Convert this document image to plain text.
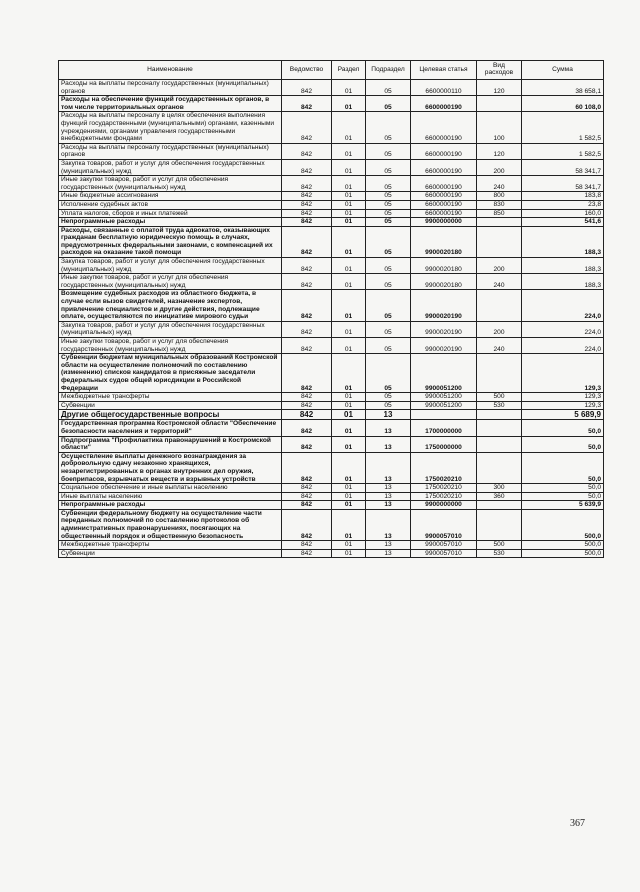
Наименование	Ведомство	Раздел	Подраздел	Целевая статья	Вид расходов	Сумма
Расходы на выплаты персоналу государственных (муниципальных) органов	842	01	05	6600000110	120	38 658,1
Расходы на обеспечение функций государственных органов, в том числе территориальных органов	842	01	05	6600000190		60 108,0
Расходы на выплаты персоналу в целях обеспечения выполнения функций государственными (муниципальными) органами, казенными учреждениями, органами управления государственными внебюджетными фондами	842	01	05	6600000190	100	1 582,5
Расходы на выплаты персоналу государственных (муниципальных) органов	842	01	05	6600000190	120	1 582,5
Закупка товаров, работ и услуг для обеспечения государственных (муниципальных) нужд	842	01	05	6600000190	200	58 341,7
Иные закупки товаров, работ и услуг для обеспечения государственных (муниципальных) нужд	842	01	05	6600000190	240	58 341,7
Иные бюджетные ассигнования	842	01	05	6600000190	800	183,8
Исполнение судебных актов	842	01	05	6600000190	830	23,8
Уплата налогов, сборов и иных платежей	842	01	05	6600000190	850	160,0
Непрограммные расходы	842	01	05	9900000000		541,6
Расходы, связанные с оплатой труда адвокатов, оказывающих гражданам бесплатную юридическую помощь в случаях, предусмотренных федеральными законами, с компенсацией их расходов на оказание такой помощи	842	01	05	9900020180		188,3
Закупка товаров, работ и услуг для обеспечения государственных (муниципальных) нужд	842	01	05	9900020180	200	188,3
Иные закупки товаров, работ и услуг для обеспечения государственных (муниципальных) нужд	842	01	05	9900020180	240	188,3
Возмещение судебных расходов из областного бюджета, в случае если вызов свидетелей, назначение экспертов, привлечение специалистов и другие действия, подлежащие оплате, осуществляются по инициативе мирового судьи	842	01	05	9900020190		224,0
Закупка товаров, работ и услуг для обеспечения государственных (муниципальных) нужд	842	01	05	9900020190	200	224,0
Иные закупки товаров, работ и услуг для обеспечения государственных (муниципальных) нужд	842	01	05	9900020190	240	224,0
Субвенции бюджетам муниципальных образований Костромской области на осуществление полномочий по составлению (изменению) списков кандидатов в присяжные заседатели федеральных судов общей юрисдикции в Российской Федерации	842	01	05	9900051200		129,3
Межбюджетные трансферты	842	01	05	9900051200	500	129,3
Субвенции	842	01	05	9900051200	530	129,3
Другие общегосударственные вопросы	842	01	13			5 689,9
Государственная программа Костромской области "Обеспечение безопасности населения и территорий"	842	01	13	1700000000		50,0
Подпрограмма "Профилактика правонарушений в Костромской области"	842	01	13	1750000000		50,0
Осуществление выплаты денежного вознаграждения за добровольную сдачу незаконно хранящихся, незарегистрированных в органах внутренних дел оружия, боеприпасов, взрывчатых веществ и взрывных устройств	842	01	13	1750020210		50,0
Социальное обеспечение и иные выплаты населению	842	01	13	1750020210	300	50,0
Иные выплаты населению	842	01	13	1750020210	360	50,0
Непрограммные расходы	842	01	13	9900000000		5 639,9
Субвенции федеральному бюджету на осуществление части переданных полномочий по составлению протоколов об административных правонарушениях, посягающих на общественный порядок и общественную безопасность	842	01	13	9900057010		500,0
Межбюджетные трансферты	842	01	13	9900057010	500	500,0
Субвенции	842	01	13	9900057010	530	500,0
367
